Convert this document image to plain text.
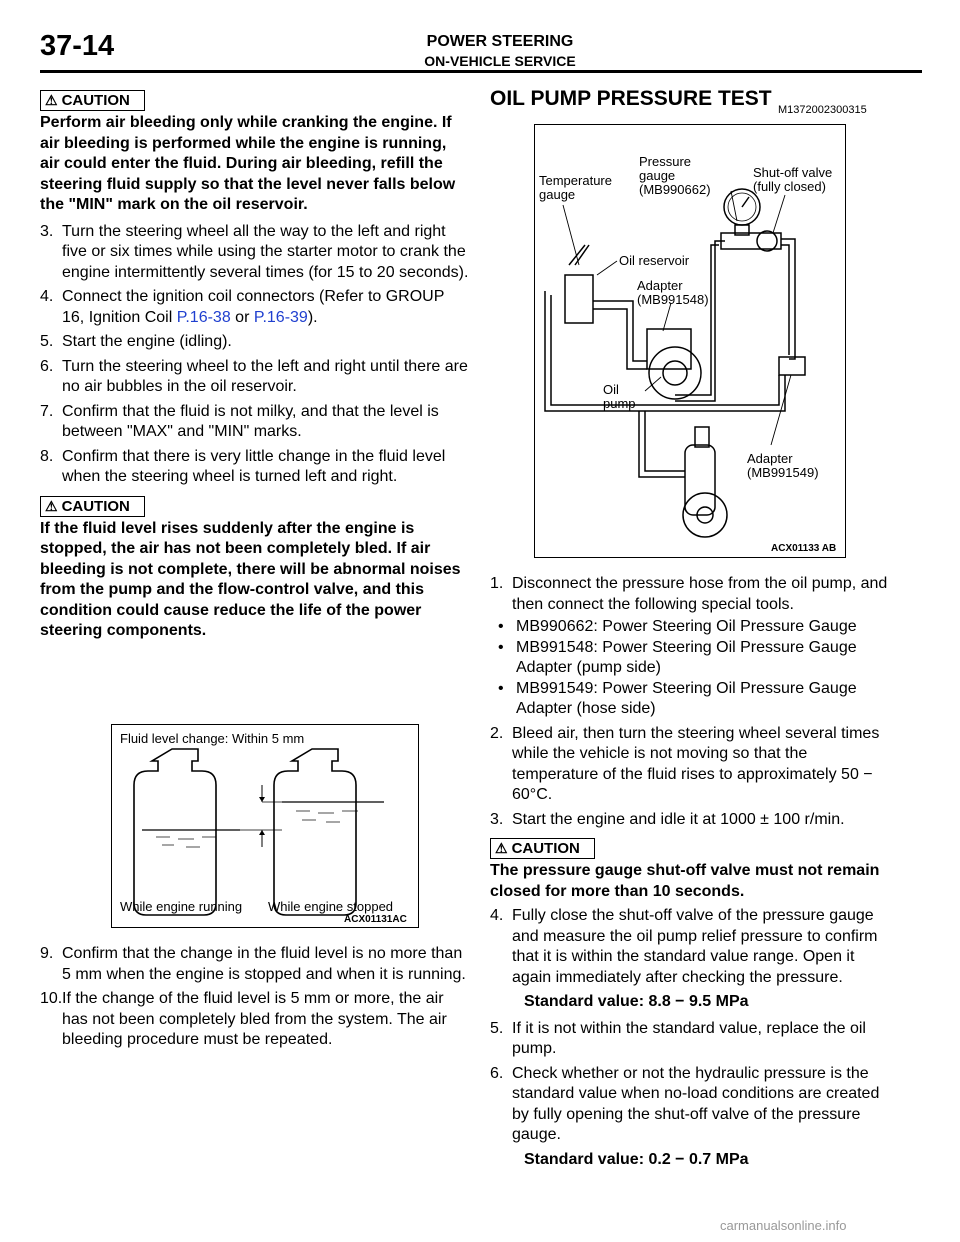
37-14	POWER STEERING
ON-VEHICLE SERVICE
⚠ CAUTION

Perform air bleeding only while cranking the engine. If air bleeding is performed while the engine is running, air could enter the fluid. During air bleeding, refill the steering fluid supply so that the level never falls below the "MIN" mark on the oil reservoir.

3. Turn the steering wheel all the way to the left and right five or six times while using the starter motor to crank the engine intermittently several times (for 15 to 20 seconds).

4. Connect the ignition coil connectors (Refer to GROUP 16, Ignition Coil P.16-38 or P.16-39).

5. Start the engine (idling).

6. Turn the steering wheel to the left and right until there are no air bubbles in the oil reservoir.

7. Confirm that the fluid is not milky, and that the level is between "MAX" and "MIN" marks.

8. Confirm that there is very little change in the fluid level when the steering wheel is turned left and right.

⚠ CAUTION

If the fluid level rises suddenly after the engine is stopped, the air has not been completely bled. If air bleeding is not complete, there will be abnormal noises from the pump and the flow-control valve, and this condition could cause reduce the life of the power steering components.

Fluid level change: Within 5 mm
While engine running While engine stopped
ACX01131AC

9. Confirm that the change in the fluid level is no more than 5 mm when the engine is stopped and when it is running.

10. If the change of the fluid level is 5 mm or more, the air has not been completely bled from the system. The air bleeding procedure must be repeated.

OIL PUMP PRESSURE TEST M1372002300315
Temperature
gauge
Pressure
gauge
(MB990662)
Shut-off valve
(fully closed)
Oil reservoir
Adapter
(MB991548)
Oil
pump
Adapter
(MB991549)
ACX01133 AB

1. Disconnect the pressure hose from the oil pump, and then connect the following special tools.

• MB990662: Power Steering Oil Pressure Gauge

• MB991548: Power Steering Oil Pressure Gauge Adapter (pump side)

• MB991549: Power Steering Oil Pressure Gauge Adapter (hose side)

2. Bleed air, then turn the steering wheel several times while the vehicle is not moving so that the temperature of the fluid rises to approximately 50 − 60°C.

3. Start the engine and idle it at 1000 ± 100 r/min.

⚠ CAUTION

The pressure gauge shut-off valve must not remain closed for more than 10 seconds.

4. Fully close the shut-off valve of the pressure gauge and measure the oil pump relief pressure to confirm that it is within the standard value range. Open it again immediately after checking the pressure.

Standard value: 8.8 − 9.5 MPa

5. If it is not within the standard value, replace the oil pump.

6. Check whether or not the hydraulic pressure is the standard value when no-load conditions are created by fully opening the shut-off valve of the pressure gauge.

Standard value: 0.2 − 0.7 MPa

carmanualsonline.info
